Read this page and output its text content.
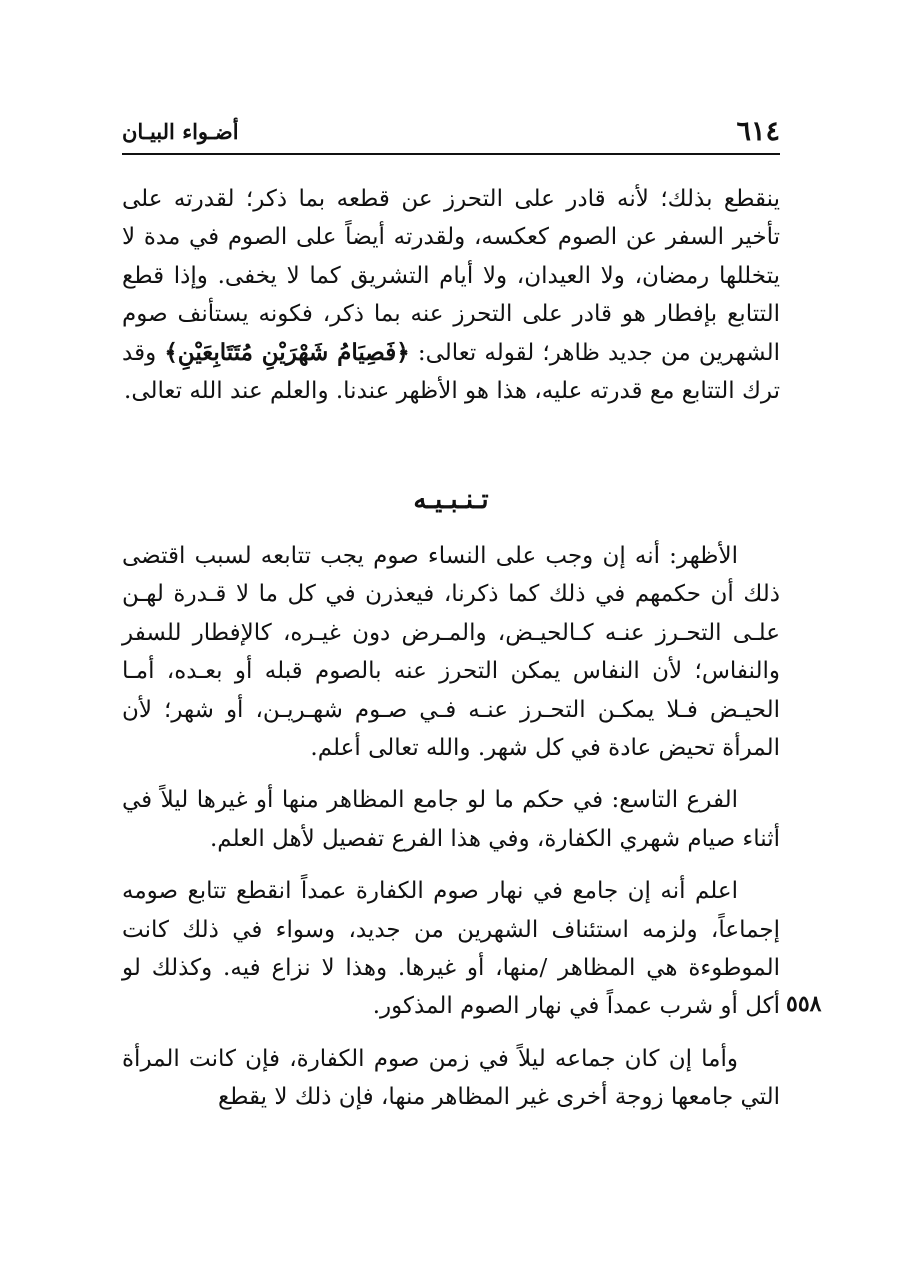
٦١٤
أضـواء البيـان

ينقطع بذلك؛ لأنه قادر على التحرز عن قطعه بما ذكر؛ لقدرته على تأخير السفر عن الصوم كعكسه، ولقدرته أيضاً على الصوم في مدة لا يتخللها رمضان، ولا العيدان، ولا أيام التشريق كما لا يخفى. وإذا قطع التتابع بإفطار هو قادر على التحرز عنه بما ذكر، فكونه يستأنف صوم الشهرين من جديد ظاهر؛ لقوله تعالى: ﴿فَصِيَامُ شَهْرَيْنِ مُتَتَابِعَيْنِ﴾ وقد ترك التتابع مع قدرته عليه، هذا هو الأظهر عندنا. والعلم عند الله تعالى.

تـنـبـيـه

الأظهر: أنه إن وجب على النساء صوم يجب تتابعه لسبب اقتضى ذلك أن حكمهم في ذلك كما ذكرنا، فيعذرن في كل ما لا قـدرة لهـن علـى التحـرز عنـه كـالحيـض، والمـرض دون غيـره، كالإفطار للسفر والنفاس؛ لأن النفاس يمكن التحرز عنه بالصوم قبله أو بعـده، أمـا الحيـض فـلا يمكـن التحـرز عنـه فـي صـوم شهـريـن، أو شهر؛ لأن المرأة تحيض عادة في كل شهر. والله تعالى أعلم.

الفرع التاسع: في حكم ما لو جامع المظاهر منها أو غيرها ليلاً في أثناء صيام شهري الكفارة، وفي هذا الفرع تفصيل لأهل العلم.

اعلم أنه إن جامع في نهار صوم الكفارة عمداً انقطع تتابع صومه إجماعاً، ولزمه استئناف الشهرين من جديد، وسواء في ذلك كانت الموطوءة هي المظاهر /منها، أو غيرها. وهذا لا نزاع فيه. وكذلك لو أكل أو شرب عمداً في نهار الصوم المذكور.

وأما إن كان جماعه ليلاً في زمن صوم الكفارة، فإن كانت المرأة التي جامعها زوجة أخرى غير المظاهر منها، فإن ذلك لا يقطع

٥٥٨
